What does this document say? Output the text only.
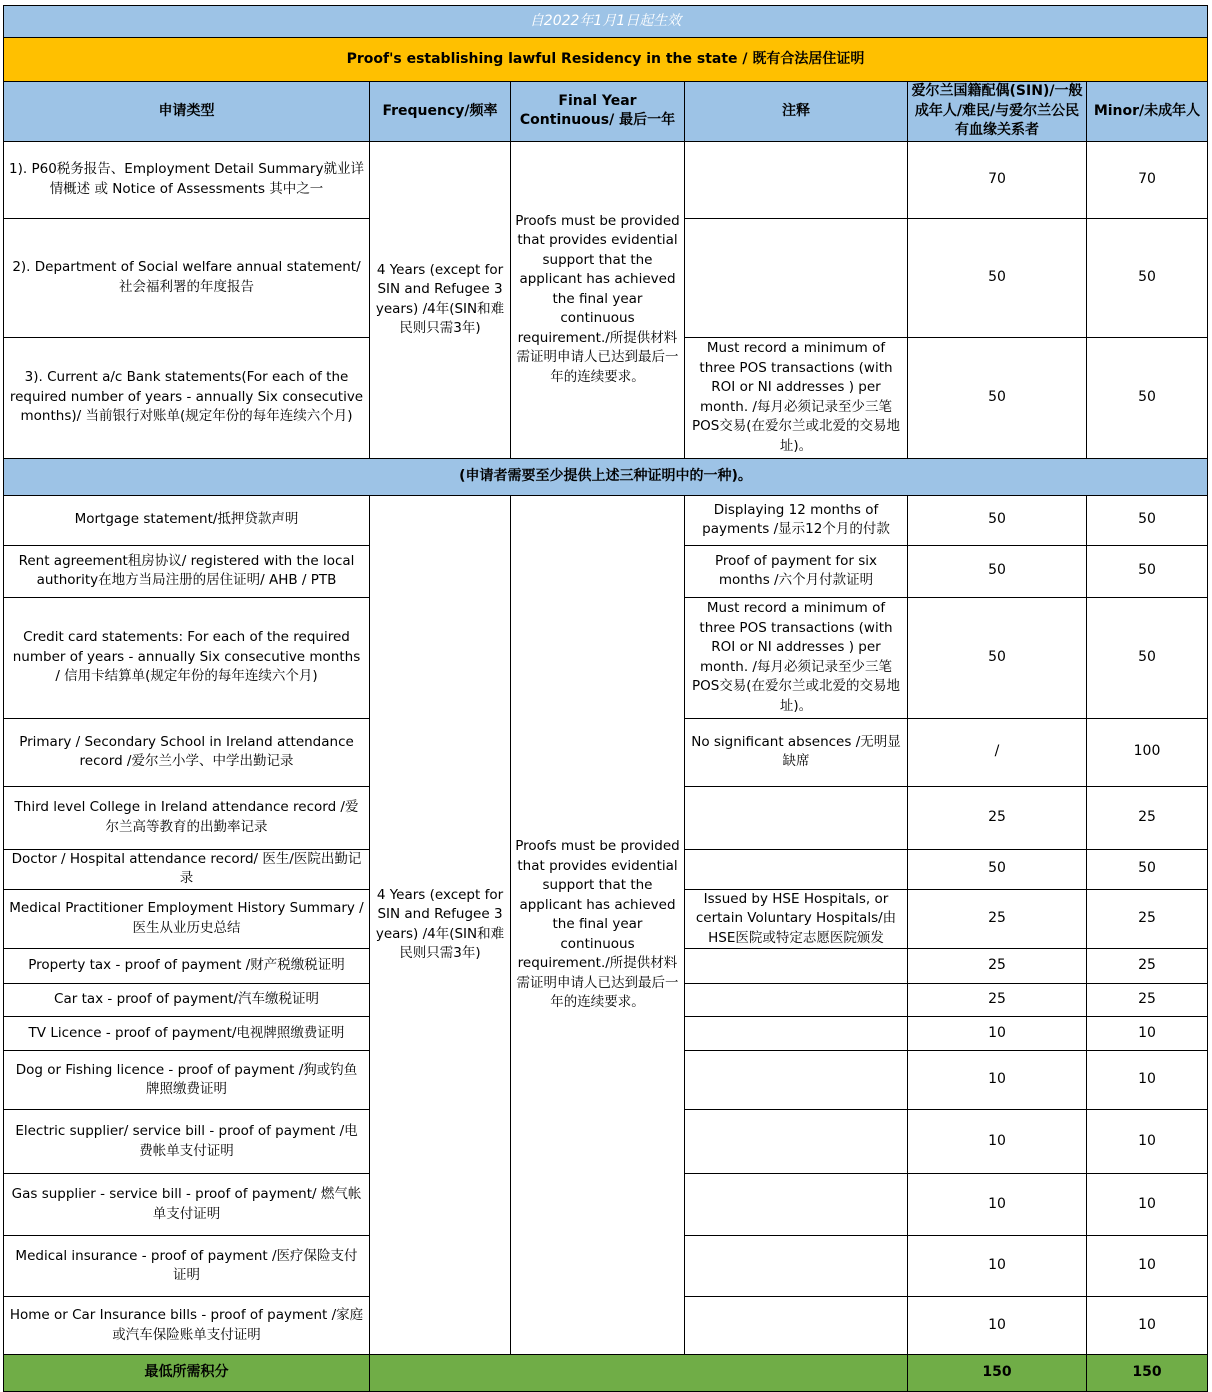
自2022年1月1日起生效					
Proof's establishing lawful Residency in the state / 既有合法居住证明					
申请类型	Frequency/频率	Final Year Continuous/ 最后一年	注释	爱尔兰国籍配偶(SIN)/一般成年人/难民/与爱尔兰公民有血缘关系者	Minor/未成年人
1). P60税务报告、Employment Detail Summary就业详情概述 或 Notice of Assessments 其中之一	4 Years (except for SIN and Refugee 3 years) /4年(SIN和难民则只需3年)	Proofs must be provided that provides evidential support that the applicant has achieved the final year continuous requirement./所提供材料需证明申请人已达到最后一年的连续要求。		70	70
2). Department of Social welfare annual statement/社会福利署的年度报告				50	50
3). Current a/c Bank statements(For each of the required number of years - annually Six consecutive months)/ 当前银行对账单(规定年份的每年连续六个月)			Must record a minimum of three POS transactions (with ROI or NI addresses ) per month. /每月必须记录至少三笔POS交易(在爱尔兰或北爱的交易地址)。	50	50
(申请者需要至少提供上述三种证明中的一种)。					
Mortgage statement/抵押贷款声明	4 Years (except for SIN and Refugee 3 years) /4年(SIN和难民则只需3年)	Proofs must be provided that provides evidential support that the applicant has achieved the final year continuous requirement./所提供材料需证明申请人已达到最后一年的连续要求。	Displaying 12 months of payments /显示12个月的付款	50	50
Rent agreement租房协议/ registered with the local authority在地方当局注册的居住证明/ AHB / PTB			Proof of payment for six months /六个月付款证明	50	50
Credit card statements: For each of the required number of years - annually Six consecutive months / 信用卡结算单(规定年份的每年连续六个月)			Must record a minimum of three POS transactions (with ROI or NI addresses ) per month. /每月必须记录至少三笔POS交易(在爱尔兰或北爱的交易地址)。	50	50
Primary / Secondary School in Ireland attendance record /爱尔兰小学、中学出勤记录			No significant absences /无明显缺席	/	100
Third level College in Ireland attendance record /爱尔兰高等教育的出勤率记录				25	25
Doctor / Hospital attendance record/ 医生/医院出勤记录				50	50
Medical Practitioner Employment History Summary / 医生从业历史总结			Issued by HSE Hospitals, or certain Voluntary Hospitals/由HSE医院或特定志愿医院颁发	25	25
Property tax - proof of payment /财产税缴税证明				25	25
Car tax - proof of payment/汽车缴税证明				25	25
TV Licence - proof of payment/电视牌照缴费证明				10	10
Dog or Fishing licence - proof of payment /狗或钓鱼牌照缴费证明				10	10
Electric supplier/ service bill - proof of payment /电费帐单支付证明				10	10
Gas supplier - service bill - proof of payment/ 燃气帐单支付证明				10	10
Medical insurance - proof of payment /医疗保险支付证明				10	10
Home or Car Insurance bills - proof of payment /家庭或汽车保险账单支付证明				10	10
最低所需积分				150	150
